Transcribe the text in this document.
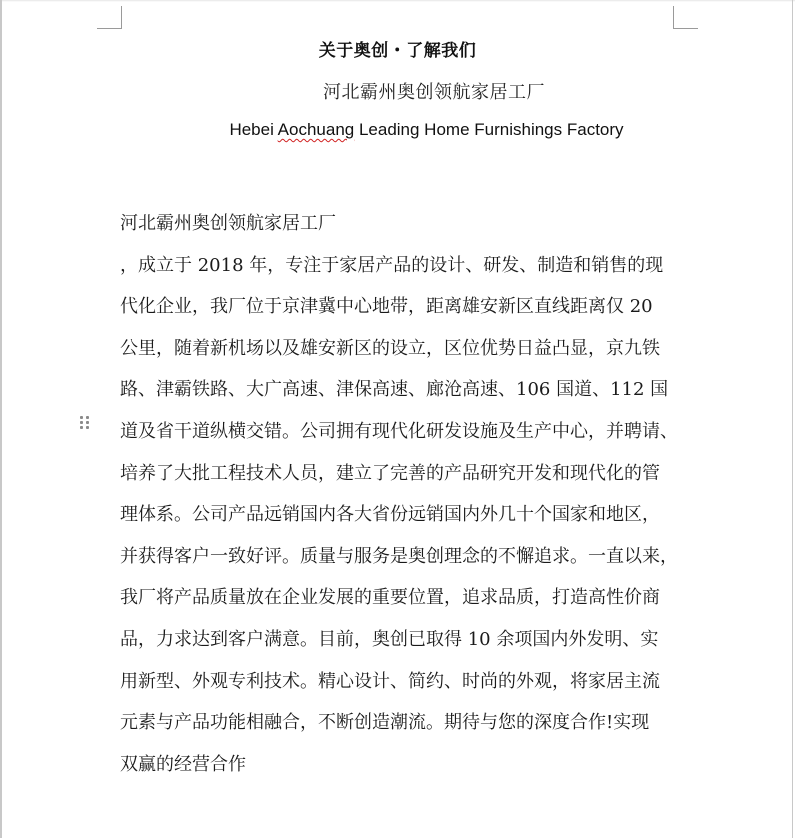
关于奥创・了解我们
河北霸州奥创领航家居工厂
Hebei Aochuang Leading Home Furnishings Factory
河北霸州奥创领航家居工厂
，成立于 2018 年，专注于家居产品的设计、研发、制造和销售的现
代化企业，我厂位于京津冀中心地带，距离雄安新区直线距离仅 20
公里，随着新机场以及雄安新区的设立，区位优势日益凸显，京九铁
路、津霸铁路、大广高速、津保高速、廊沧高速、106 国道、112 国
道及省干道纵横交错。公司拥有现代化研发设施及生产中心，并聘请、
培养了大批工程技术人员，建立了完善的产品研究开发和现代化的管
理体系。公司产品远销国内各大省份远销国内外几十个国家和地区，
并获得客户一致好评。质量与服务是奥创理念的不懈追求。一直以来，
我厂将产品质量放在企业发展的重要位置，追求品质，打造高性价商
品，力求达到客户满意。目前，奥创已取得 10 余项国内外发明、实
用新型、外观专利技术。精心设计、简约、时尚的外观，将家居主流
元素与产品功能相融合，不断创造潮流。期待与您的深度合作!实现
双赢的经营合作
